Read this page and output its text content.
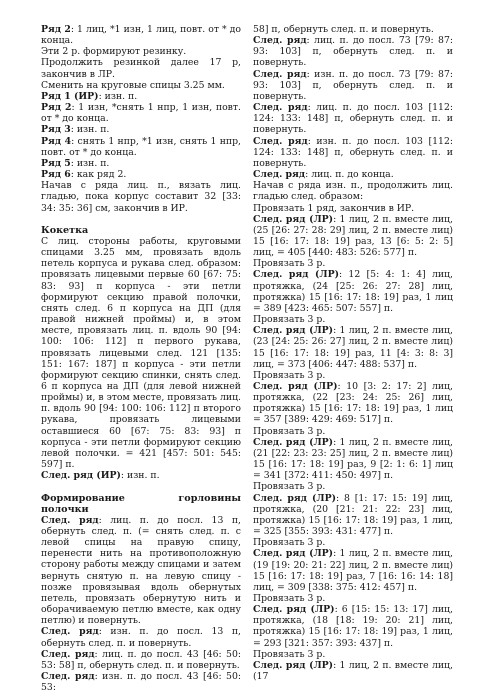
Ряд 2: 1 лиц, *1 изн, 1 лиц, повт. от * до конца.

Эти 2 р. формируют резинку.

Продолжить резинкой далее 17 р, закончив в ЛР.

Сменить на круговые спицы 3.25 мм.

Ряд 1 (ИР): изн. п.

Ряд 2: 1 изн, *снять 1 нпр, 1 изн, повт. от * до конца.

Ряд 3: изн. п.

Ряд 4: снять 1 нпр, *1 изн, снять 1 нпр, повт. от * до конца.

Ряд 5: изн. п.

Ряд 6: как ряд 2.

Начав с ряда лиц. п., вязать лиц. гладью, пока корпус составит 32 [33: 34: 35: 36] см, закончив в ИР.

Кокетка

С лиц. стороны работы, круговыми спицами 3.25 мм, провязать вдоль петель корпуса и рукава след. образом: провязать лицевыми первые 60 [67: 75: 83: 93] п корпуса - эти петли формируют секцию правой полочки, снять след. 6 п корпуса на ДП (для правой нижней проймы) и, в этом месте, провязать лиц. п. вдоль 90 [94: 100: 106: 112] п первого рукава, провязать лицевыми след. 121 [135: 151: 167: 187] п корпуса - эти петли формируют секцию спинки, снять след. 6 п корпуса на ДП (для левой нижней проймы) и, в этом месте, провязать лиц. п. вдоль 90 [94: 100: 106: 112] п второго рукава, провязать лицевыми оставшиеся 60 [67: 75: 83: 93] п корпуса - эти петли формируют секцию левой полочки. = 421 [457: 501: 545: 597] п.

След. ряд (ИР): изн. п.

Формирование горловины полочки

След. ряд: лиц. п. до посл. 13 п, обернуть след. п. (= снять след. п. с левой спицы на правую спицу, перенести нить на противоположную сторону работы между спицами и затем вернуть снятую п. на левую спицу - позже провязывая вдоль обернутых петель, провязать обернутую нить и оборачиваемую петлю вместе, как одну петлю) и повернуть.

След. ряд: изн. п. до посл. 13 п, обернуть след. п. и повернуть.

След. ряд: лиц. п. до посл. 43 [46: 50: 53: 58] п, обернуть след. п. и повернуть.

След. ряд: изн. п. до посл. 43 [46: 50: 53:

58] п, обернуть след. п. и повернуть.

След. ряд: лиц. п. до посл. 73 [79: 87: 93: 103] п, обернуть след. п. и повернуть.

След. ряд: изн. п. до посл. 73 [79: 87: 93: 103] п, обернуть след. п. и повернуть.

След. ряд: лиц. п. до посл. 103 [112: 124: 133: 148] п, обернуть след. п. и повернуть.

След. ряд: изн. п. до посл. 103 [112: 124: 133: 148] п, обернуть след. п. и повернуть.

След. ряд: лиц. п. до конца.

Начав с ряда изн. п., продолжить лиц. гладью след. образом:

Провязать 1 ряд, закончив в ИР.

След. ряд (ЛР): 1 лиц, 2 п. вместе лиц, (25 [26: 27: 28: 29] лиц, 2 п. вместе лиц) 15 [16: 17: 18: 19] раз, 13 [6: 5: 2: 5] лиц, = 405 [440: 483: 526: 577] п.

Провязать 3 р.

След. ряд (ЛР): 12 [5: 4: 1: 4] лиц, протяжка, (24 [25: 26: 27: 28] лиц, протяжка) 15 [16: 17: 18: 19] раз, 1 лиц = 389 [423: 465: 507: 557] п.

Провязать 3 р.

След. ряд (ЛР): 1 лиц, 2 п. вместе лиц, (23 [24: 25: 26: 27] лиц, 2 п. вместе лиц) 15 [16: 17: 18: 19] раз, 11 [4: 3: 8: 3] лиц, = 373 [406: 447: 488: 537] п.

Провязать 3 р.

След. ряд (ЛР): 10 [3: 2: 17: 2] лиц, протяжка, (22 [23: 24: 25: 26] лиц, протяжка) 15 [16: 17: 18: 19] раз, 1 лиц = 357 [389: 429: 469: 517] п.

Провязать 3 р.

След. ряд (ЛР): 1 лиц, 2 п. вместе лиц, (21 [22: 23: 23: 25] лиц, 2 п. вместе лиц) 15 [16: 17: 18: 19] раз, 9 [2: 1: 6: 1] лиц = 341 [372: 411: 450: 497] п.

Провязать 3 р.

След. ряд (ЛР): 8 [1: 17: 15: 19] лиц, протяжка, (20 [21: 21: 22: 23] лиц, протяжка) 15 [16: 17: 18: 19] раз, 1 лиц, = 325 [355: 393: 431: 477] п.

Провязать 3 р.

След. ряд (ЛР): 1 лиц, 2 п. вместе лиц, (19 [19: 20: 21: 22] лиц, 2 п. вместе лиц) 15 [16: 17: 18: 19] раз, 7 [16: 16: 14: 18] лиц, = 309 [338: 375: 412: 457] п.

Провязать 3 р.

След. ряд (ЛР): 6 [15: 15: 13: 17] лиц, протяжка, (18 [18: 19: 20: 21] лиц, протяжка) 15 [16: 17: 18: 19] раз, 1 лиц, = 293 [321: 357: 393: 437] п.

Провязать 3 р.

След. ряд (ЛР): 1 лиц, 2 п. вместе лиц, (17
